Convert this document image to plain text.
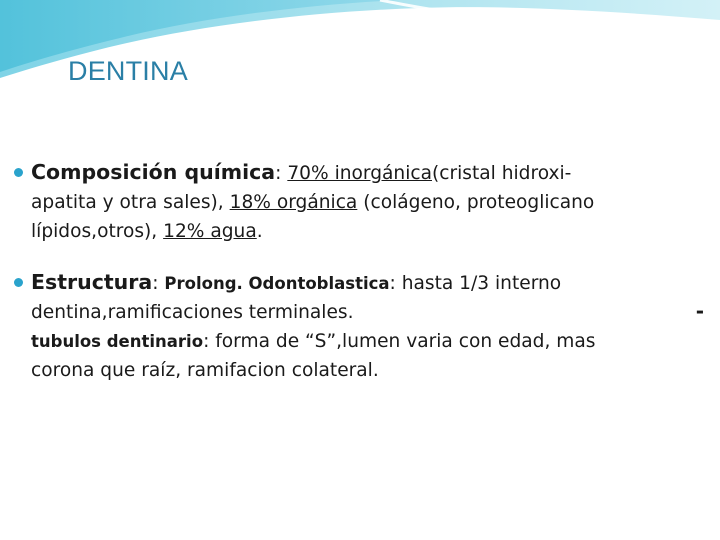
DENTINA
Composición química: 70% inorgánica(cristal hidroxi-
apatita y otra sales), 18% orgánica (colágeno, proteoglicano
lípidos,otros), 12% agua.
Estructura: Prolong. Odontoblastica: hasta 1/3 interno
dentina,ramificaciones terminales.	-
tubulos dentinario: forma de “S”,lumen varia con edad, mas
corona que raíz, ramifacion colateral.
